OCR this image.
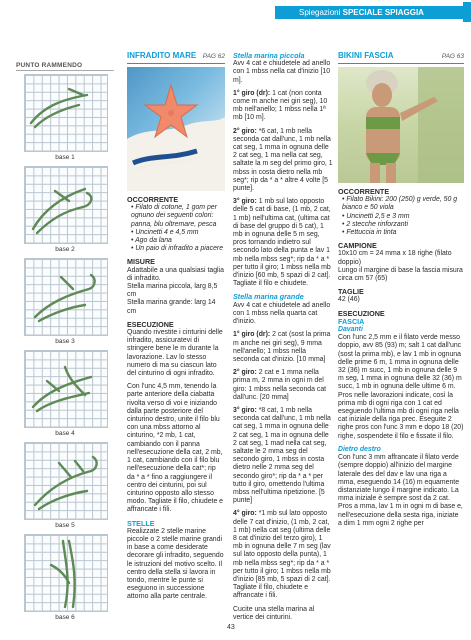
Spiegazioni SPECIALE SPIAGGIA
PUNTO RAMMENDO
base 1
base 2
base 3
base 4
base 5
base 6
INFRADITO MARE PAG 62
OCCORRENTE
• Filato di cotone, 1 gom per ognuno dei seguenti colori: panna, blu oltremare, pesca
• Uncinetti 4 e 4,5 mm
• Ago da lana
• Un paio di infradito a piacere
MISURE
Adattabile a una qualsiasi taglia di infradito.
Stella marina piccola, larg 8,5 cm
Stella marina grande: larg 14 cm
ESECUZIONE

Quando rivestite i cinturini delle infradito, assicuratevi di stringere bene le m durante la lavorazione. Lav lo stesso numero di ma su ciascun lato del cinturino di ogni infradito.

Con l'unc 4,5 mm, tenendo la parte anteriore della ciabatta rivolta verso di voi e iniziando dalla parte posteriore del cinturino destro, unite il filo blu con una mbss attorno al cinturino, *2 mb, 1 cat, cambiando con il panna nell'esecuzione della cat, 2 mb, 1 cat, cambiando con il filo blu nell'esecuzione della cat*; rip da * a * fino a raggiungere il centro dei cinturini, poi sul cinturino opposto allo stesso modo. Tagliate il filo, chiudete e affrancate i fili.

STELLE

Realizzate 2 stelle marine piccole o 2 stelle marine grandi in base a come desiderate decorare gli infradito, seguendo le istruzioni del motivo scelto. Il centro della stella si lavora in tondo, mentre le punte si eseguono in successione attorno alla parte centrale.

Stella marina piccola

Avv 4 cat e chiudetele ad anello con 1 mbss nella cat d'inizio [10 m].

1° giro (dr): 1 cat (non conta come m anche nei giri seg), 10 mb nell'anello; 1 mbss nella 1ª mb [10 m].

2° giro: *6 cat, 1 mb nella seconda cat dall'unc, 1 mb nella cat seg, 1 mma in ognuna delle 2 cat seg, 1 ma nella cat seg, saltate la m seg del primo giro, 1 mbss in costa dietro nella mb seg*; rip da * a * altre 4 volte [5 punte].

3° giro: 1 mb sul lato opposto delle 5 cat di base, (1 mb, 2 cat, 1 mb) nell'ultima cat, (ultima cat di base del gruppo di 5 cat), 1 mb in ognuna delle 5 m seg, pros tornando indietro sul secondo lato della punta e lav 1 mb nella mbss seg*; rip da * a * per tutto il giro; 1 mbss nella mb d'inizio [60 mb, 5 spazi di 2 cat]. Tagliate il filo e chiudete.

Stella marina grande

Avv 4 cat e chiudetele ad anello con 1 mbss nella quarta cat d'inizio.

1° giro (dr): 2 cat (sost la prima m anche nei giri seg), 9 mma nell'anello; 1 mbss nella seconda cat d'inizio. [10 mma]

2° giro: 2 cat e 1 mma nella prima m, 2 mma in ogni m del giro: 1 mbss nella seconda cat dall'unc. [20 mma]

3° giro: *8 cat, 1 mb nella seconda cat dall'unc, 1 mb nella cat seg, 1 mma in ognuna delle 2 cat seg, 1 ma in ognuna delle 2 cat seg, 1 mad nella cat seg, saltate le 2 mma seg del secondo giro, 1 mbss in costa dietro nelle 2 mma seg del secondo giro*; rip da * a * per tutto il giro, omettendo l'ultima mbss nell'ultima ripetizione. [5 punte]

4° giro: *1 mb sul lato opposto delle 7 cat d'inizio, (1 mb, 2 cat, 1 mb) nella cat seg (ultima delle 8 cat d'inizio del terzo giro), 1 mb in ognuna delle 7 m seg (lav sul lato opposto della punta), 1 mb nella mbss seg*; rip da * a * per tutto il giro; 1 mbss nella mb d'inizio [85 mb, 5 spazi di 2 cat]. Tagliate il filo, chiudete e affrancate i fili.

Cucite una stella marina al vertice dei cinturini.

BIKINI FASCIA	PAG 63
OCCORRENTE
• Filato Bikini: 200 (250) g verde, 50 g bianco e 50 viola
• Uncinetti 2,5 e 3 mm
• 2 stecche rinforzanti
• Fettuccia in tinta
CAMPIONE
10x10 cm = 24 mma x 18 righe (filato doppio)
Lungo il margine di base la fascia misura circa cm 57 (65)
TAGLIE
42 (46)
ESECUZIONE
FASCIA
Davanti

Con l'unc 2,5 mm e il filato verde messo doppio, avv 85 (93) m; salt 1 cat dall'unc (sost la prima mb), e lav 1 mb in ognuna delle prime 6 m, 1 mma in ognuna delle 32 (36) m succ, 1 mb in ognuna delle 9 m seg, 1 mma in ognuna delle 32 (36) m succ, 1 mb in ognuna delle ultime 6 m. Pros nelle lavorazioni indicate, così la prima mb di ogni riga con 1 cat ed eseguendo l'ultima mb di ogni riga nella cat iniziale della riga prec. Eseguite 2 righe pros con l'unc 3 mm e dopo 18 (20) righe, sospendete il filo e fissate il filo.

Dietro destro

Con l'unc 3 mm affrancate il filato verde (sempre doppio) all'inizio del margine laterale des del dav e lav una riga a mma, eseguendo 14 (16) m equamente distanziate lungo il margine indicato. La mma iniziale è sempre sost da 2 cat. Pros a mma, lav 1 m in ogni m di base e, nell'esecuzione della sesta riga, iniziate a dim 1 mm ogni 2 righe per

43
